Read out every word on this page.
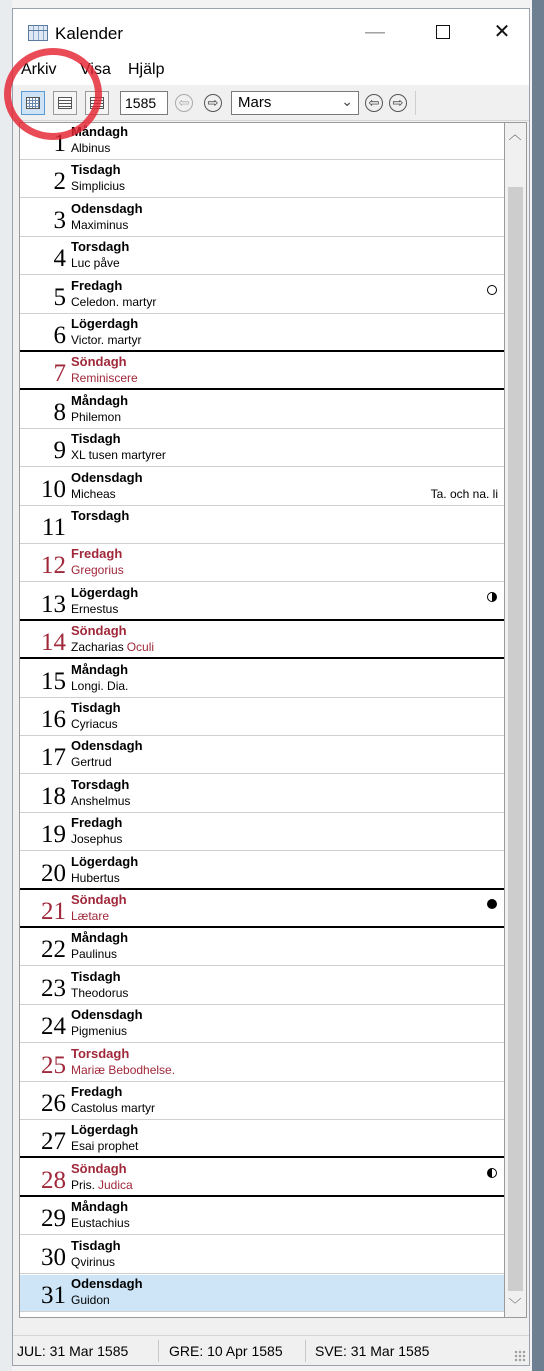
Kalender	—	✕
Arkiv Visa Hjälp
1585	⇦ ⇨	Mars	⌄ ⇦ ⇨
1 Måndagh
Albinus
2 Tisdagh
Simplicius
3 Odensdagh
Maximinus
4 Torsdagh
Luc påve
5 Fredagh
Celedon. martyr
6 Lögerdagh
Victor. martyr
7 Söndagh
Reminiscere
8 Måndagh
Philemon
9 Tisdagh
XL tusen martyrer
10 Odensdagh
Micheas	Ta. och na. li
11 Torsdagh
12 Fredagh
Gregorius
13 Lögerdagh
Ernestus
14 Söndagh
Zacharias Oculi
15 Måndagh
Longi. Dia.
16 Tisdagh
Cyriacus
17 Odensdagh
Gertrud
18 Torsdagh
Anshelmus
19 Fredagh
Josephus
20 Lögerdagh
Hubertus
21 Söndagh
Lætare
22 Måndagh
Paulinus
23 Tisdagh
Theodorus
24 Odensdagh
Pigmenius
25 Torsdagh
Mariæ Bebodhelse.
26 Fredagh
Castolus martyr
27 Lögerdagh
Esai prophet
28 Söndagh
Pris. Judica
29 Måndagh
Eustachius
30 Tisdagh
Qvirinus
31 Odensdagh
Guidon
︿
﹀
JUL: 31 Mar 1585	GRE: 10 Apr 1585 SVE: 31 Mar 1585
